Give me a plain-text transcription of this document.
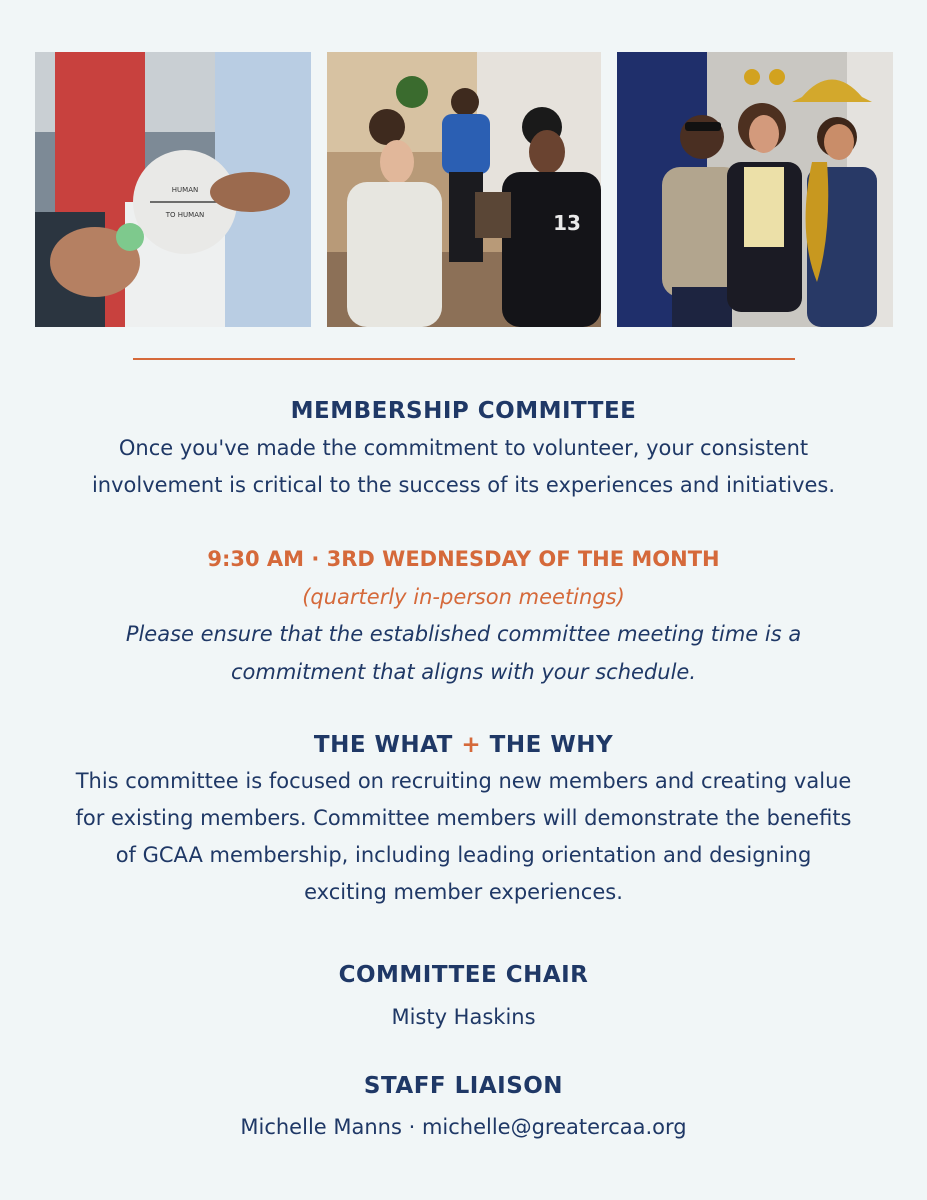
HUMAN
TO HUMAN	13
MEMBERSHIP COMMITTEE

Once you've made the commitment to volunteer, your consistent
involvement is critical to the success of its experiences and initiatives.

9:30 AM · 3RD WEDNESDAY OF THE MONTH

(quarterly in-person meetings)

Please ensure that the established committee meeting time is a
commitment that aligns with your schedule.

THE WHAT + THE WHY

This committee is focused on recruiting new members and creating value
for existing members. Committee members will demonstrate the benefits
of GCAA membership, including leading orientation and designing
exciting member experiences.

COMMITTEE CHAIR

Misty Haskins

STAFF LIAISON

Michelle Manns · michelle@greatercaa.org
